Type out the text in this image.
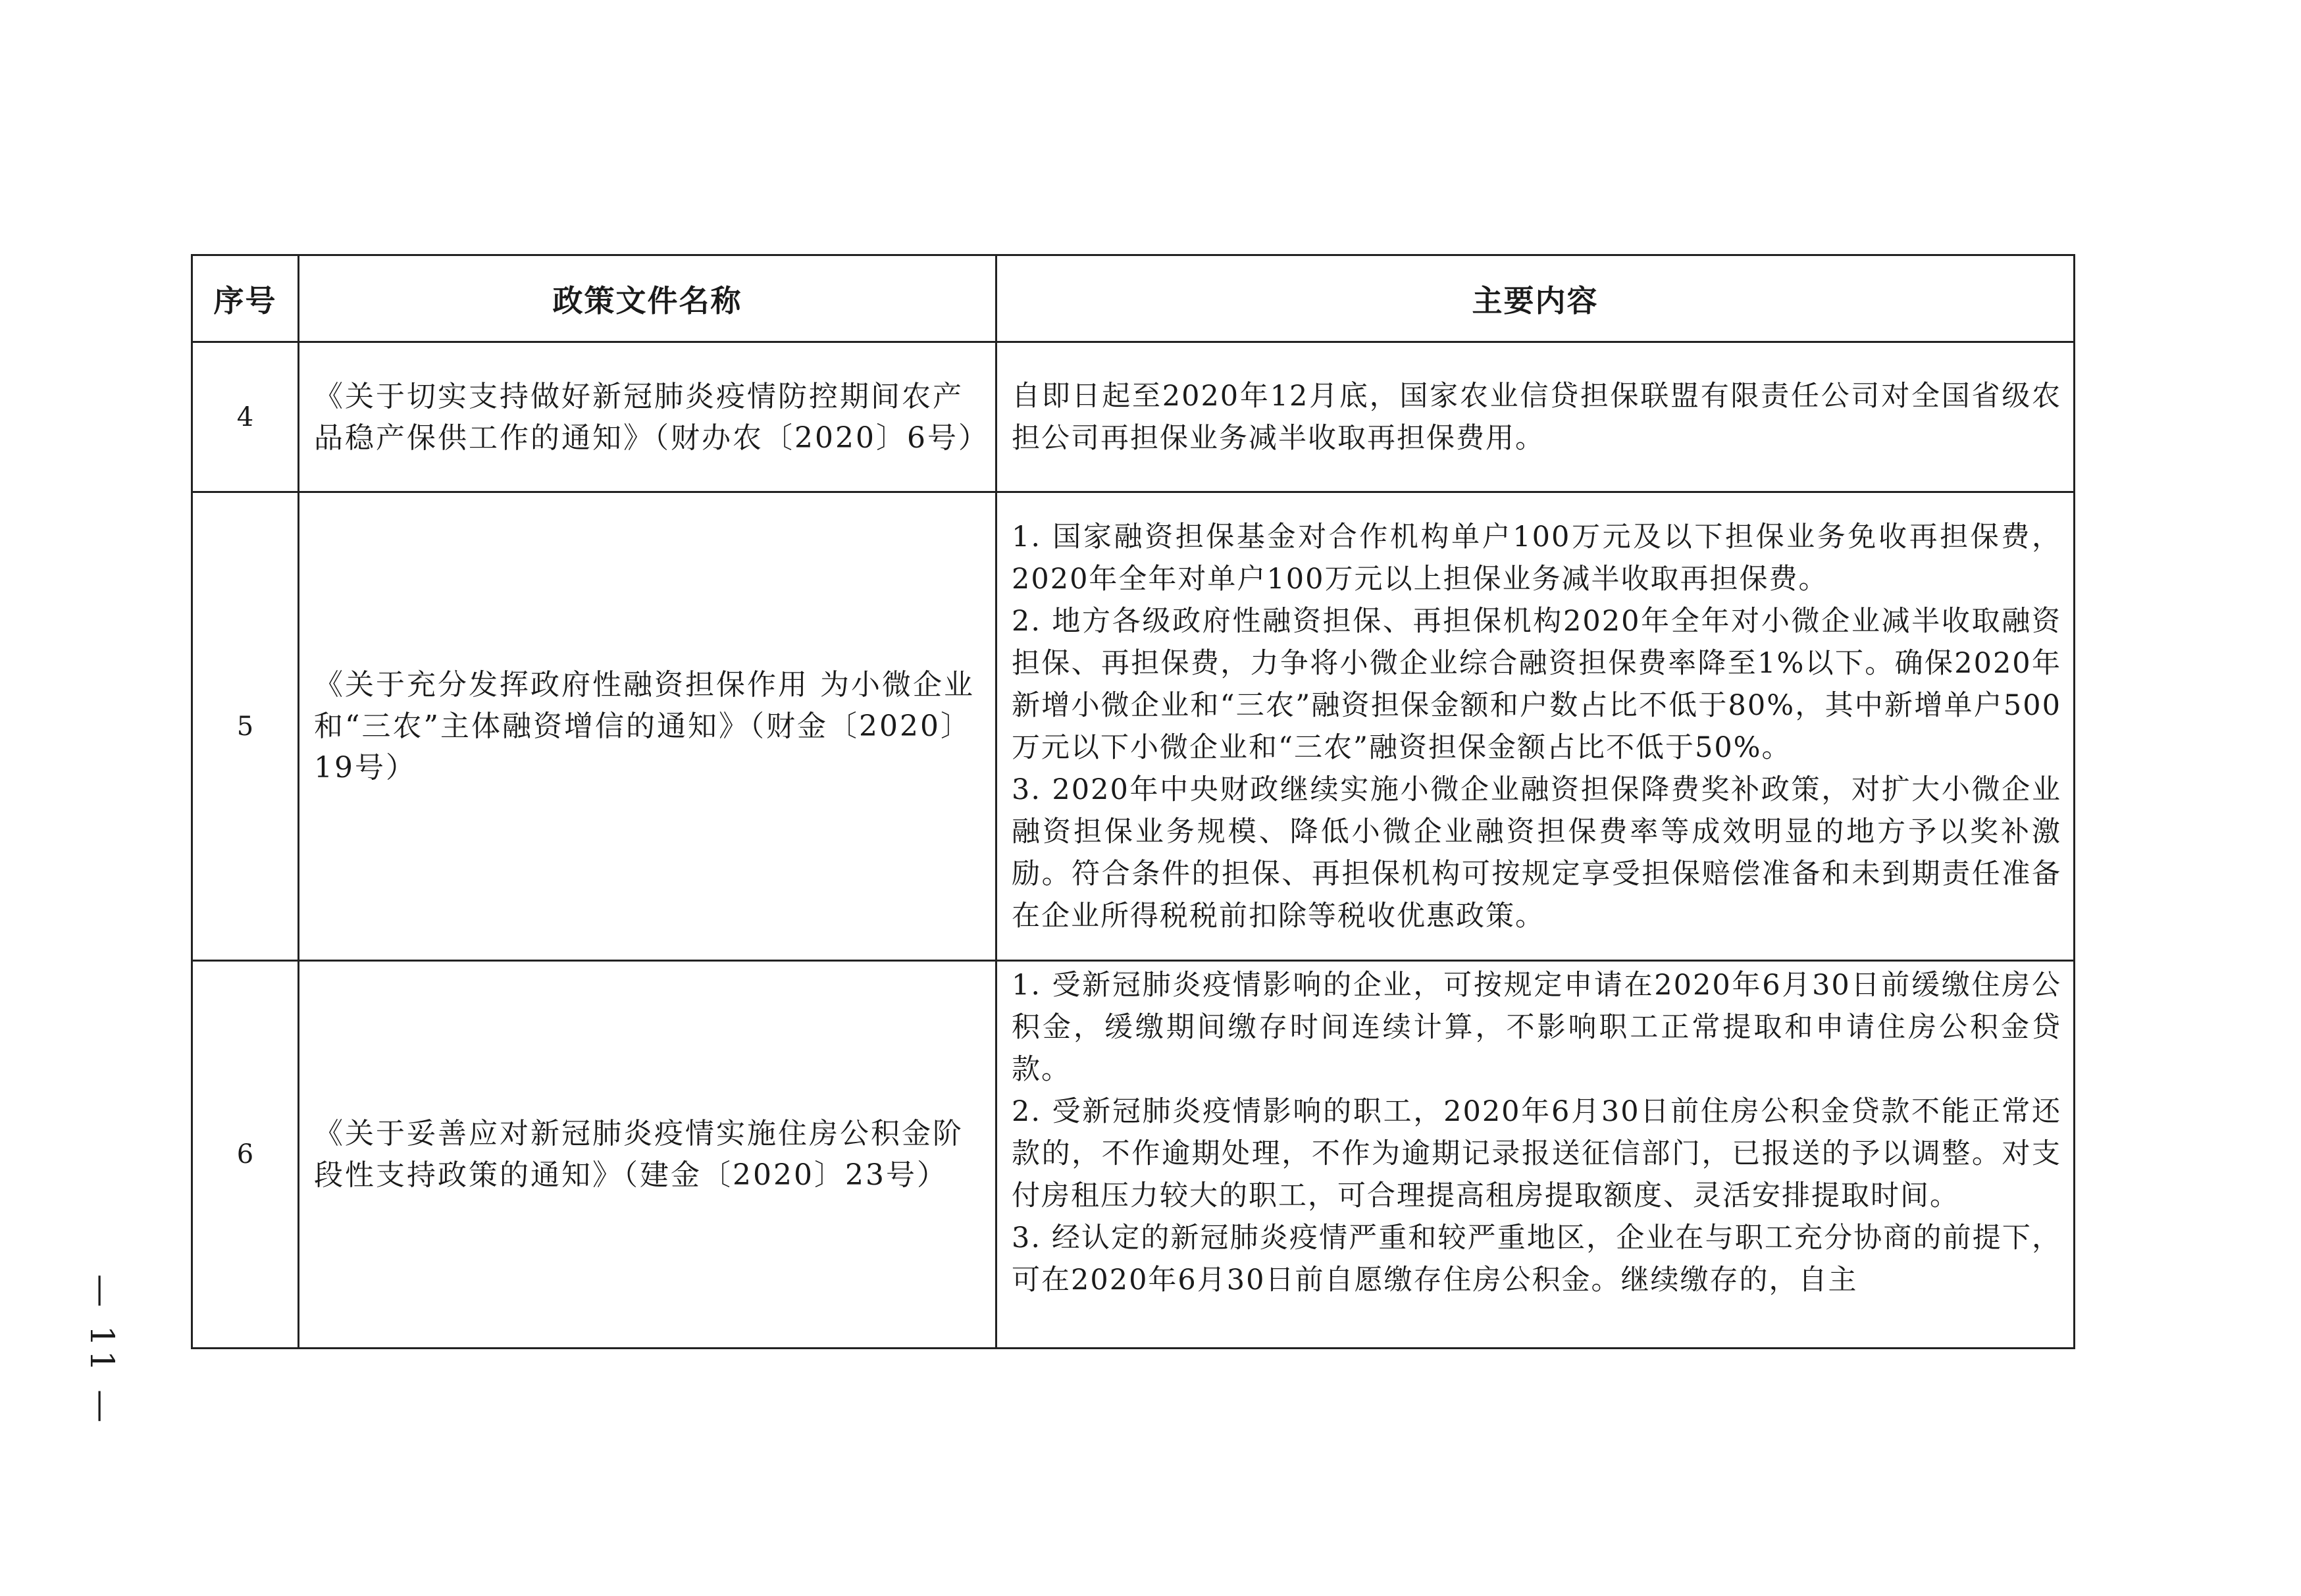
序号	政策文件名称	主要内容
4	《关于切实支持做好新冠肺炎疫情防控期间农产品稳产保供工作的通知》（财办农〔2020〕6号）	自即日起至2020年12月底，国家农业信贷担保联盟有限责任公司对全国省级农担公司再担保业务减半收取再担保费用。

5	《关于充分发挥政府性融资担保作用 为小微企业和“三农”主体融资增信的通知》（财金〔2020〕19号）	1. 国家融资担保基金对合作机构单户100万元及以下担保业务免收再担保费，2020年全年对单户100万元以上担保业务减半收取再担保费。

2. 地方各级政府性融资担保、再担保机构2020年全年对小微企业减半收取融资担保、再担保费，力争将小微企业综合融资担保费率降至1%以下。确保2020年新增小微企业和“三农”融资担保金额和户数占比不低于80%，其中新增单户500万元以下小微企业和“三农”融资担保金额占比不低于50%。

3. 2020年中央财政继续实施小微企业融资担保降费奖补政策，对扩大小微企业融资担保业务规模、降低小微企业融资担保费率等成效明显的地方予以奖补激励。符合条件的担保、再担保机构可按规定享受担保赔偿准备和未到期责任准备在企业所得税税前扣除等税收优惠政策。

6	《关于妥善应对新冠肺炎疫情实施住房公积金阶段性支持政策的通知》（建金〔2020〕23号）	1. 受新冠肺炎疫情影响的企业，可按规定申请在2020年6月30日前缓缴住房公积金，缓缴期间缴存时间连续计算，不影响职工正常提取和申请住房公积金贷款。

2. 受新冠肺炎疫情影响的职工，2020年6月30日前住房公积金贷款不能正常还款的，不作逾期处理，不作为逾期记录报送征信部门，已报送的予以调整。对支付房租压力较大的职工，可合理提高租房提取额度、灵活安排提取时间。

3. 经认定的新冠肺炎疫情严重和较严重地区，企业在与职工充分协商的前提下，可在2020年6月30日前自愿缴存住房公积金。继续缴存的，自主

— 11 —
